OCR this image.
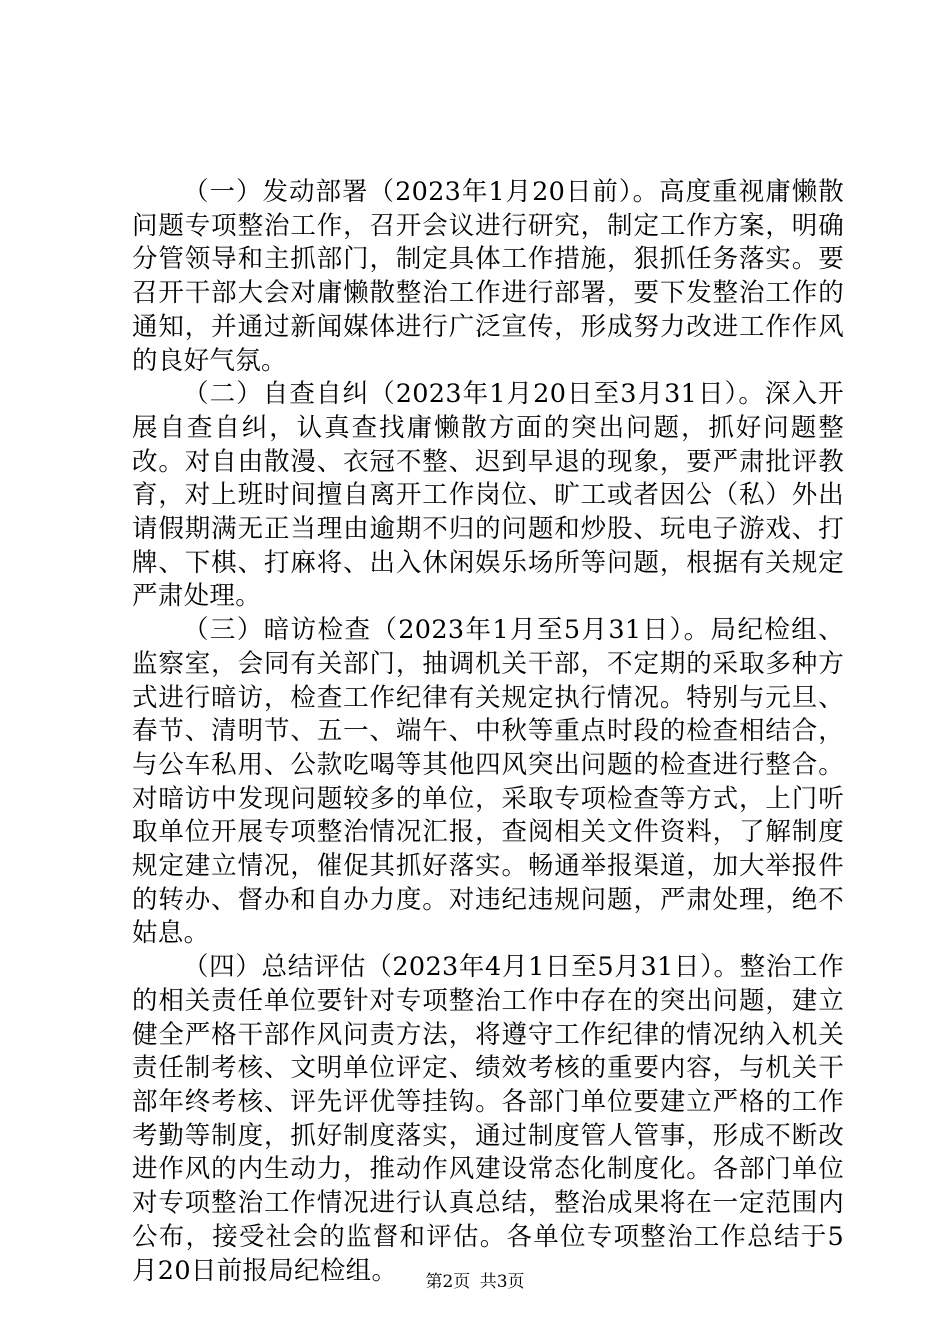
（一）发动部署（2023年1月20日前）。高度重视庸懒散问题专项整治工作，召开会议进行研究，制定工作方案，明确分管领导和主抓部门，制定具体工作措施，狠抓任务落实。要召开干部大会对庸懒散整治工作进行部署，要下发整治工作的通知，并通过新闻媒体进行广泛宣传，形成努力改进工作作风的良好气氛。

（二）自查自纠（2023年1月20日至3月31日）。深入开展自查自纠，认真查找庸懒散方面的突出问题，抓好问题整改。对自由散漫、衣冠不整、迟到早退的现象，要严肃批评教育，对上班时间擅自离开工作岗位、旷工或者因公（私）外出请假期满无正当理由逾期不归的问题和炒股、玩电子游戏、打牌、下棋、打麻将、出入休闲娱乐场所等问题，根据有关规定严肃处理。

（三）暗访检查（2023年1月至5月31日）。局纪检组、监察室，会同有关部门，抽调机关干部，不定期的采取多种方式进行暗访，检查工作纪律有关规定执行情况。特别与元旦、春节、清明节、五一、端午、中秋等重点时段的检查相结合，与公车私用、公款吃喝等其他四风突出问题的检查进行整合。对暗访中发现问题较多的单位，采取专项检查等方式，上门听取单位开展专项整治情况汇报，查阅相关文件资料，了解制度规定建立情况，催促其抓好落实。畅通举报渠道，加大举报件的转办、督办和自办力度。对违纪违规问题，严肃处理，绝不姑息。

（四）总结评估（2023年4月1日至5月31日）。整治工作的相关责任单位要针对专项整治工作中存在的突出问题，建立健全严格干部作风问责方法，将遵守工作纪律的情况纳入机关责任制考核、文明单位评定、绩效考核的重要内容，与机关干部年终考核、评先评优等挂钩。各部门单位要建立严格的工作考勤等制度，抓好制度落实，通过制度管人管事，形成不断改进作风的内生动力，推动作风建设常态化制度化。各部门单位对专项整治工作情况进行认真总结，整治成果将在一定范围内公布，接受社会的监督和评估。各单位专项整治工作总结于5月20日前报局纪检组。	第2页 共3页
